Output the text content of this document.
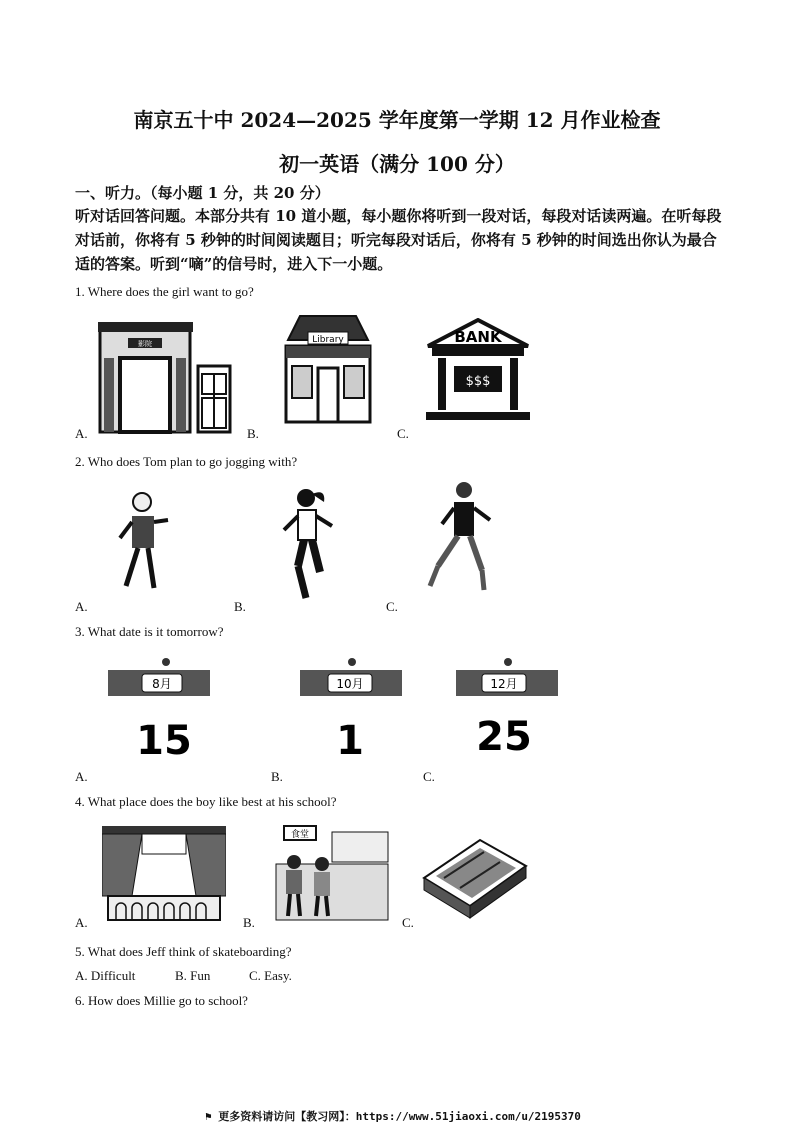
南京五十中 2024—2025 学年度第一学期 12 月作业检查
初一英语（满分 100 分）
一、听力。（每小题 1 分，共 20 分）
听对话回答问题。本部分共有 10 道小题，每小题你将听到一段对话，每段对话读两遍。在听每段对话前，你将有 5 秒钟的时间阅读题目；听完每段对话后，你将有 5 秒钟的时间选出你认为最合适的答案。听到“嘀”的信号时，进入下一小题。
1. Where does the girl want to go?
影院	Library	BANK
$$$
A.	B.	C.
2. Who does Tom plan to go jogging with?
A.	B.	C.
3. What date is it tomorrow?
8月
15
10月
1
12月
25
A.	B.	C.
4. What place does the boy like best at his school?
食堂
A.	B.	C.
5. What does Jeff think of skateboarding?
A. Difficult	B. Fun	C. Easy.
6. How does Millie go to school?
⚑ 更多资料请访问【教习网】：https://www.51jiaoxi.com/u/2195370
